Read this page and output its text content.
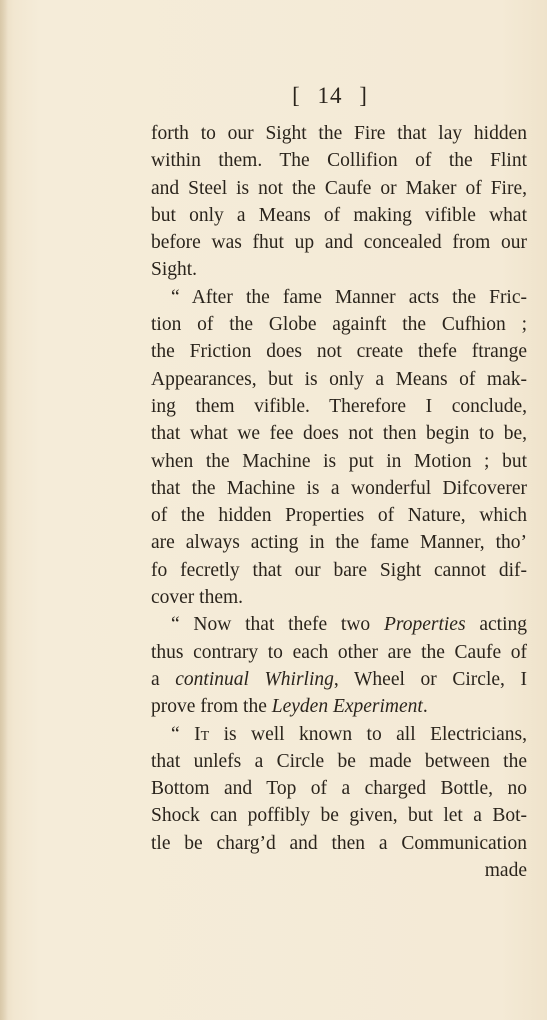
[ 14 ]
forth to our Sight the Fire that lay hidden
within them. The Collifion of the Flint
and Steel is not the Caufe or Maker of Fire,
but only a Means of making vifible what
before was fhut up and concealed from our
Sight.
“ After the fame Manner acts the Fric-
tion of the Globe againft the Cufhion ;
the Friction does not create thefe ftrange
Appearances, but is only a Means of mak-
ing them vifible. Therefore I conclude,
that what we fee does not then begin to be,
when the Machine is put in Motion ; but
that the Machine is a wonderful Difcoverer
of the hidden Properties of Nature, which
are always acting in the fame Manner, tho’
fo fecretly that our bare Sight cannot dif-
cover them.
“ Now that thefe two Properties acting
thus contrary to each other are the Caufe of
a continual Whirling, Wheel or Circle, I
prove from the Leyden Experiment.
“ It is well known to all Electricians,
that unlefs a Circle be made between the
Bottom and Top of a charged Bottle, no
Shock can poffibly be given, but let a Bot-
tle be charg’d and then a Communication
made
